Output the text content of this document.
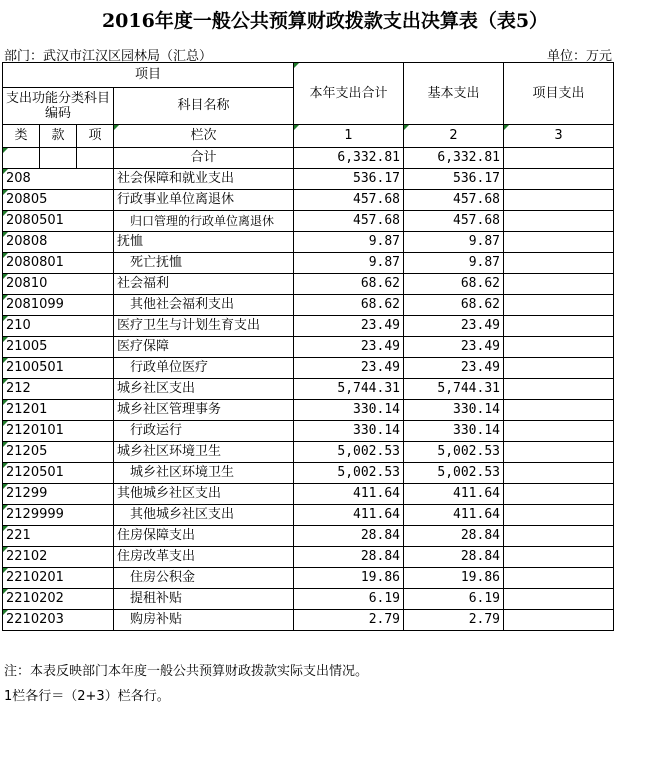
2016年度一般公共预算财政拨款支出决算表（表5）
部门：武汉市江汉区园林局（汇总）	单位：万元
项目				本年支出合计	基本支出	项目支出
支出功能分类科目编码			科目名称			
类	款	项				
			栏次	1	2	3
			合计	6,332.81	6,332.81	
208			社会保障和就业支出	536.17	536.17	
20805			行政事业单位离退休	457.68	457.68	
2080501			归口管理的行政单位离退休	457.68	457.68	
20808			抚恤	9.87	9.87	
2080801			死亡抚恤	9.87	9.87	
20810			社会福利	68.62	68.62	
2081099			其他社会福利支出	68.62	68.62	
210			医疗卫生与计划生育支出	23.49	23.49	
21005			医疗保障	23.49	23.49	
2100501			行政单位医疗	23.49	23.49	
212			城乡社区支出	5,744.31	5,744.31	
21201			城乡社区管理事务	330.14	330.14	
2120101			行政运行	330.14	330.14	
21205			城乡社区环境卫生	5,002.53	5,002.53	
2120501			城乡社区环境卫生	5,002.53	5,002.53	
21299			其他城乡社区支出	411.64	411.64	
2129999			其他城乡社区支出	411.64	411.64	
221			住房保障支出	28.84	28.84	
22102			住房改革支出	28.84	28.84	
2210201			住房公积金	19.86	19.86	
2210202			提租补贴	6.19	6.19	
2210203			购房补贴	2.79	2.79	
注：本表反映部门本年度一般公共预算财政拨款实际支出情况。
1栏各行＝（2+3）栏各行。
